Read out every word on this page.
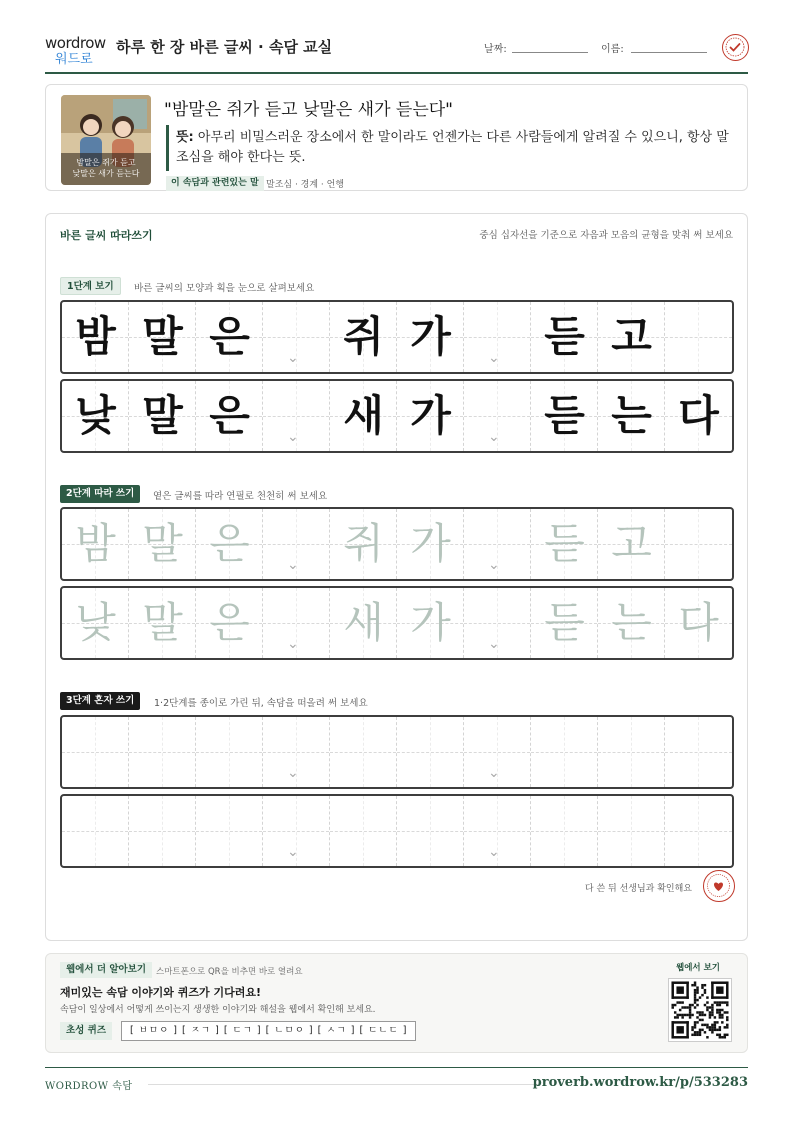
wordrow
워드로
하루 한 장 바른 글씨 · 속담 교실	날짜:	이름:
밤말은 쥐가 듣고
낮말은 새가 듣는다
"밤말은 쥐가 듣고 낮말은 새가 듣는다"
뜻: 아무리 비밀스러운 장소에서 한 말이라도 언젠가는 다른 사람들에게 알려질 수 있으니, 항상 말조심을 해야 한다는 뜻.
이 속담과 관련있는 말 말조심 · 경계 · 언행
바른 글씨 따라쓰기	중심 십자선을 기준으로 자음과 모음의 균형을 맞춰 써 보세요
1단계 보기	바른 글씨의 모양과 획을 눈으로 살펴보세요
밤 말 은	⌄	쥐 가	⌄	듣 고
낮 말 은	⌄	새 가	⌄	듣 는 다
2단계 따라 쓰기	옅은 글씨를 따라 연필로 천천히 써 보세요
밤 말 은	⌄	쥐 가	⌄	듣 고
낮 말 은	⌄	새 가	⌄	듣 는 다
3단계 혼자 쓰기	1·2단계를 종이로 가린 뒤, 속담을 떠올려 써 보세요
⌄	⌄
⌄	⌄
다 쓴 뒤 선생님과 확인해요
웹에서 더 알아보기	스마트폰으로 QR을 비추면 바로 열려요
재미있는 속담 이야기와 퀴즈가 기다려요!
속담이 일상에서 어떻게 쓰이는지 생생한 이야기와 해설을 웹에서 확인해 보세요.
초성 퀴즈	[ ㅂㅁㅇ ] [ ㅈㄱ ] [ ㄷㄱ ] [ ㄴㅁㅇ ] [ ㅅㄱ ] [ ㄷㄴㄷ ]
웹에서 보기
WORDROW 속담	proverb.wordrow.kr/p/533283
